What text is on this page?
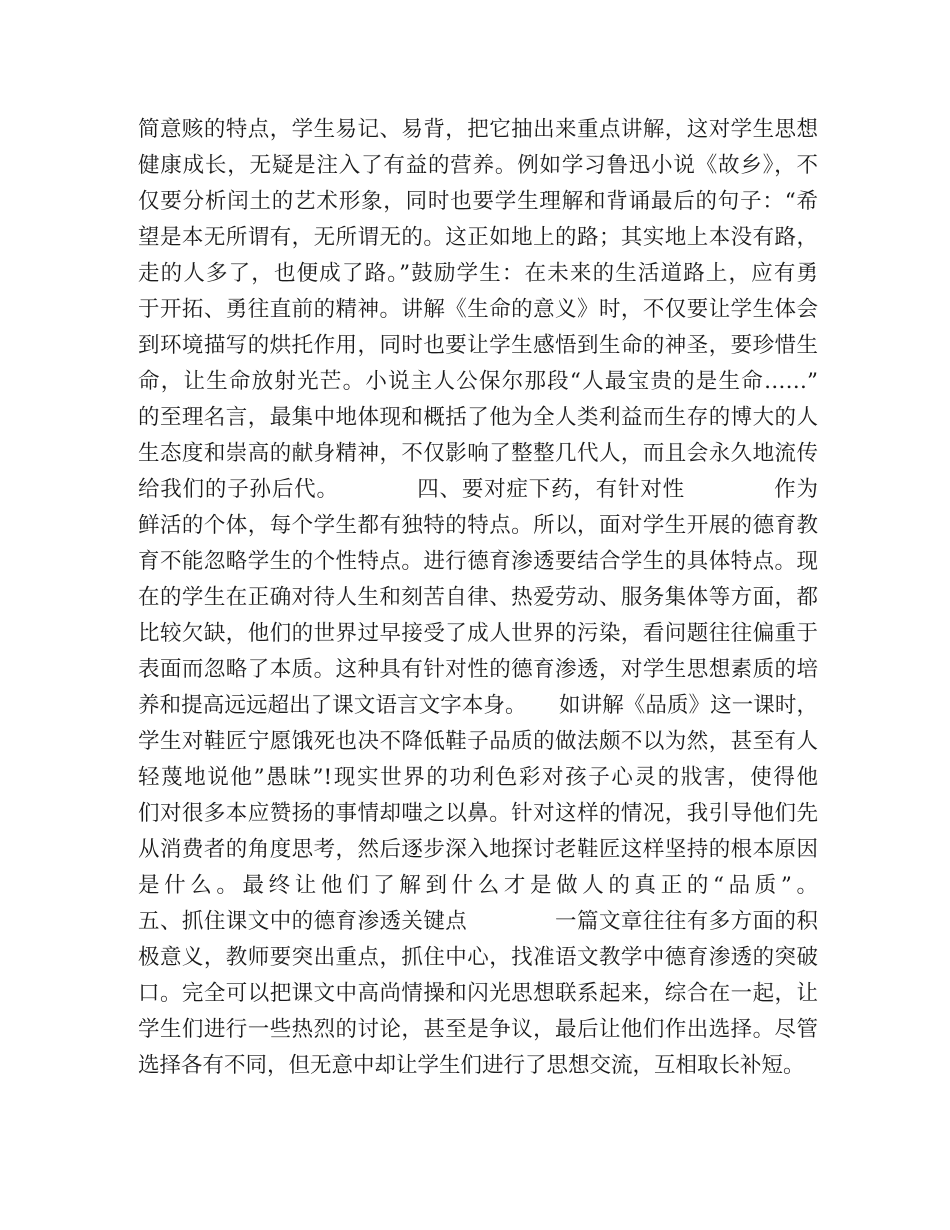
简意赅的特点，学生易记、易背，把它抽出来重点讲解，这对学生思想
健康成长，无疑是注入了有益的营养。例如学习鲁迅小说《故乡》，不
仅要分析闰土的艺术形象，同时也要学生理解和背诵最后的句子：“希
望是本无所谓有，无所谓无的。这正如地上的路；其实地上本没有路，
走的人多了，也便成了路。”鼓励学生：在未来的生活道路上，应有勇
于开拓、勇往直前的精神。讲解《生命的意义》时，不仅要让学生体会
到环境描写的烘托作用，同时也要让学生感悟到生命的神圣，要珍惜生
命，让生命放射光芒。小说主人公保尔那段“人最宝贵的是生命……”
的至理名言，最集中地体现和概括了他为全人类利益而生存的博大的人
生态度和崇高的献身精神，不仅影响了整整几代人，而且会永久地流传
给我们的子孙后代。　　　　四、要对症下药，有针对性　　　　作为
鲜活的个体，每个学生都有独特的特点。所以，面对学生开展的德育教
育不能忽略学生的个性特点。进行德育渗透要结合学生的具体特点。现
在的学生在正确对待人生和刻苦自律、热爱劳动、服务集体等方面，都
比较欠缺，他们的世界过早接受了成人世界的污染，看问题往往偏重于
表面而忽略了本质。这种具有针对性的德育渗透，对学生思想素质的培
养和提高远远超出了课文语言文字本身。　　如讲解《品质》这一课时，
学生对鞋匠宁愿饿死也决不降低鞋子品质的做法颇不以为然，甚至有人
轻蔑地说他”愚昧”!现实世界的功利色彩对孩子心灵的戕害，使得他
们对很多本应赞扬的事情却嗤之以鼻。针对这样的情况，我引导他们先
从消费者的角度思考，然后逐步深入地探讨老鞋匠这样坚持的根本原因
是什么。最终让他们了解到什么才是做人的真正的“品质”。
五、抓住课文中的德育渗透关键点　　　　一篇文章往往有多方面的积
极意义，教师要突出重点，抓住中心，找准语文教学中德育渗透的突破
口。完全可以把课文中高尚情操和闪光思想联系起来，综合在一起，让
学生们进行一些热烈的讨论，甚至是争议，最后让他们作出选择。尽管
选择各有不同，但无意中却让学生们进行了思想交流，互相取长补短。
